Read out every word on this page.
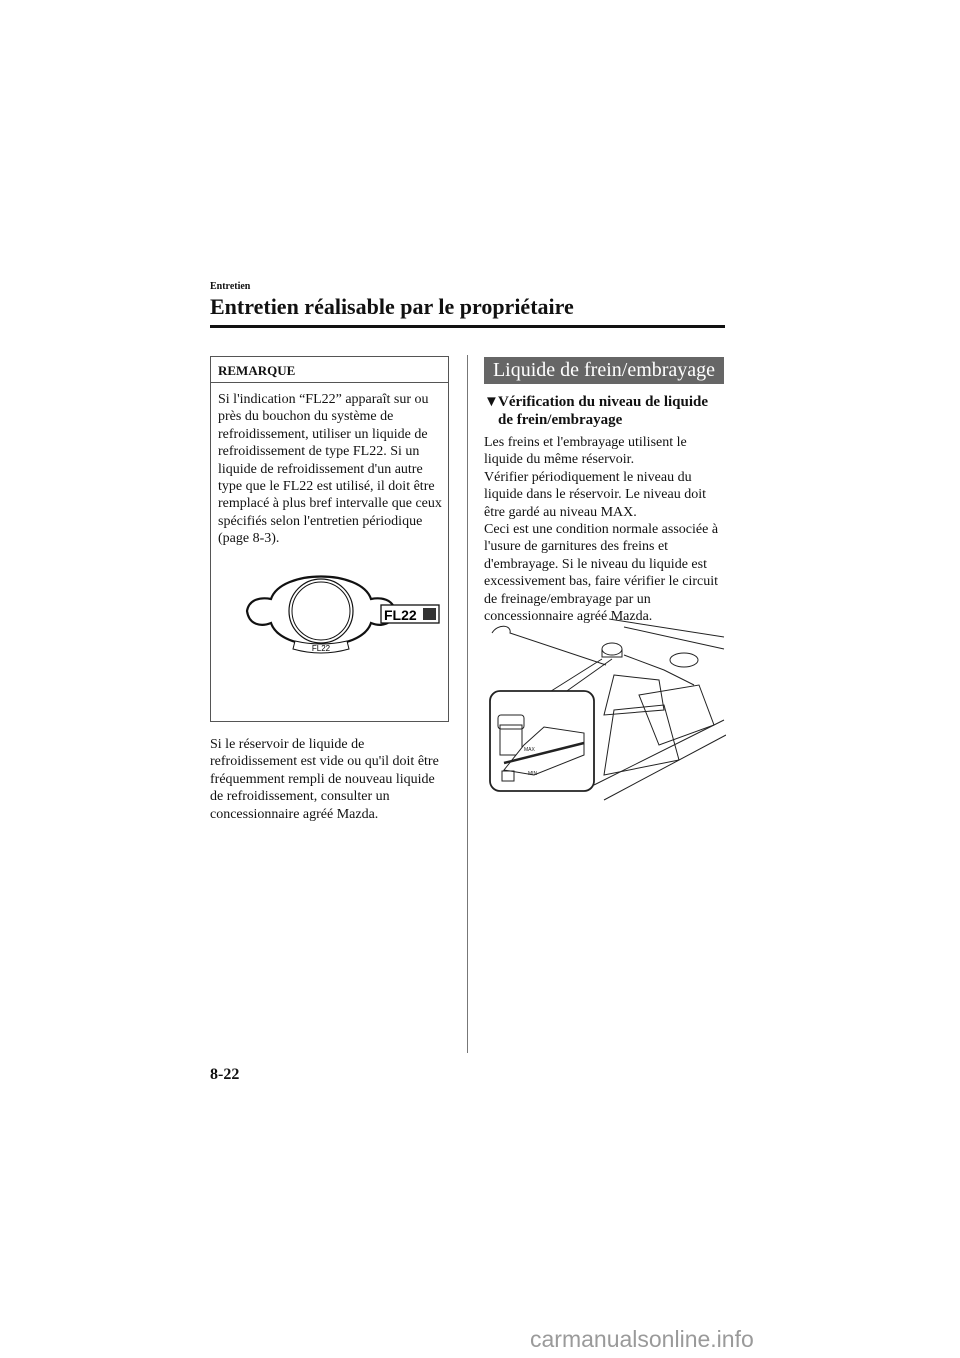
Entretien
Entretien réalisable par le propriétaire
REMARQUE
Si l'indication “FL22” apparaît sur ou
près du bouchon du système de
refroidissement, utiliser un liquide de
refroidissement de type FL22. Si un
liquide de refroidissement d'un autre
type que le FL22 est utilisé, il doit être
remplacé à plus bref intervalle que ceux
spécifiés selon l'entretien périodique
(page 8-3).
FL22
FL22
Si le réservoir de liquide de
refroidissement est vide ou qu'il doit être
fréquemment rempli de nouveau liquide
de refroidissement, consulter un
concessionnaire agréé Mazda.
Liquide de frein/embrayage
▼Vérification du niveau de liquide
de frein/embrayage
Les freins et l'embrayage utilisent le
liquide du même réservoir.
Vérifier périodiquement le niveau du
liquide dans le réservoir. Le niveau doit
être gardé au niveau MAX.
Ceci est une condition normale associée à
l'usure de garnitures des freins et
d'embrayage. Si le niveau du liquide est
excessivement bas, faire vérifier le circuit
de freinage/embrayage par un
concessionnaire agréé Mazda.
MAX
MIN
8-22
carmanualsonline.info
